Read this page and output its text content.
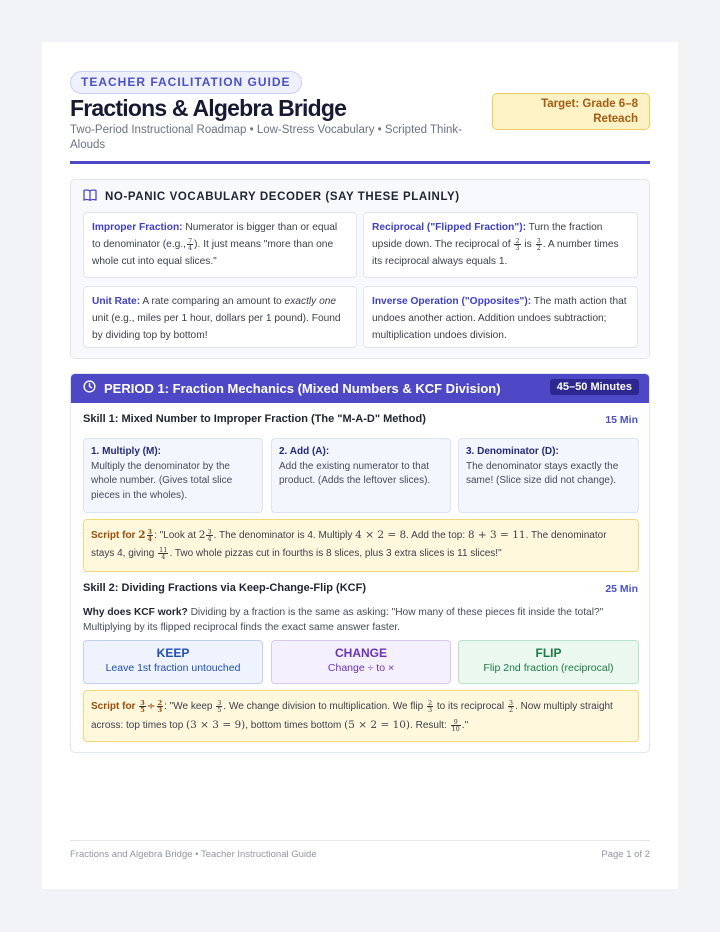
TEACHER FACILITATION GUIDE
Fractions & Algebra Bridge
Two-Period Instructional Roadmap • Low-Stress Vocabulary • Scripted Think-Alouds
Target: Grade 6–8
Reteach
NO-PANIC VOCABULARY DECODER (SAY THESE PLAINLY)
Improper Fraction: Numerator is bigger than or equal to denominator (e.g., $\frac{7}{4}$ ). It just means "more than one whole cut into equal slices."
Reciprocal ("Flipped Fraction"): Turn the fraction upside down. The reciprocal of $\frac{2}{3}$ is $\frac{3}{2}$ . A number times its reciprocal always equals 1.
Unit Rate: A rate comparing an amount to exactly one unit (e.g., miles per 1 hour, dollars per 1 pound). Found by dividing top by bottom!
Inverse Operation ("Opposites"): The math action that undoes another action. Addition undoes subtraction; multiplication undoes division.
PERIOD 1: Fraction Mechanics (Mixed Numbers & KCF Division)	45–50 Minutes
Skill 1: Mixed Number to Improper Fraction (The "M-A-D" Method)	15 Min
1. Multiply (M):
Multiply the denominator by the whole number. (Gives total slice pieces in the wholes).
2. Add (A):
Add the existing numerator to that product. (Adds the leftover slices).
3. Denominator (D):
The denominator stays exactly the same! (Slice size did not change).
Script for $2 \frac{3}{4}$ : "Look at $2 \frac{3}{4}$ . The denominator is 4. Multiply 4 × 2 = 8. Add the top: 8 + 3 = 11. The denominator stays 4, giving $\frac{11}{4}$ . Two whole pizzas cut in fourths is 8 slices, plus 3 extra slices is 11 slices!"
Skill 2: Dividing Fractions via Keep-Change-Flip (KCF)	25 Min
Why does KCF work? Dividing by a fraction is the same as asking: "How many of these pieces fit inside the total?" Multiplying by its flipped reciprocal finds the exact same answer faster.
KEEP
Leave 1st fraction untouched
CHANGE
Change ÷ to ×
FLIP
Flip 2nd fraction (reciprocal)
Script for $\frac{3}{5} \div \frac{2}{3}$ : "We keep $\frac{3}{5}$ . We change division to multiplication. We flip $\frac{2}{3}$ to its reciprocal $\frac{3}{2}$ . Now multiply straight across: top times top (3 × 3 = 9), bottom times bottom (5 × 2 = 10). Result: $\frac{9}{10}$ ."
Fractions and Algebra Bridge • Teacher Instructional Guide	Page 1 of 2
